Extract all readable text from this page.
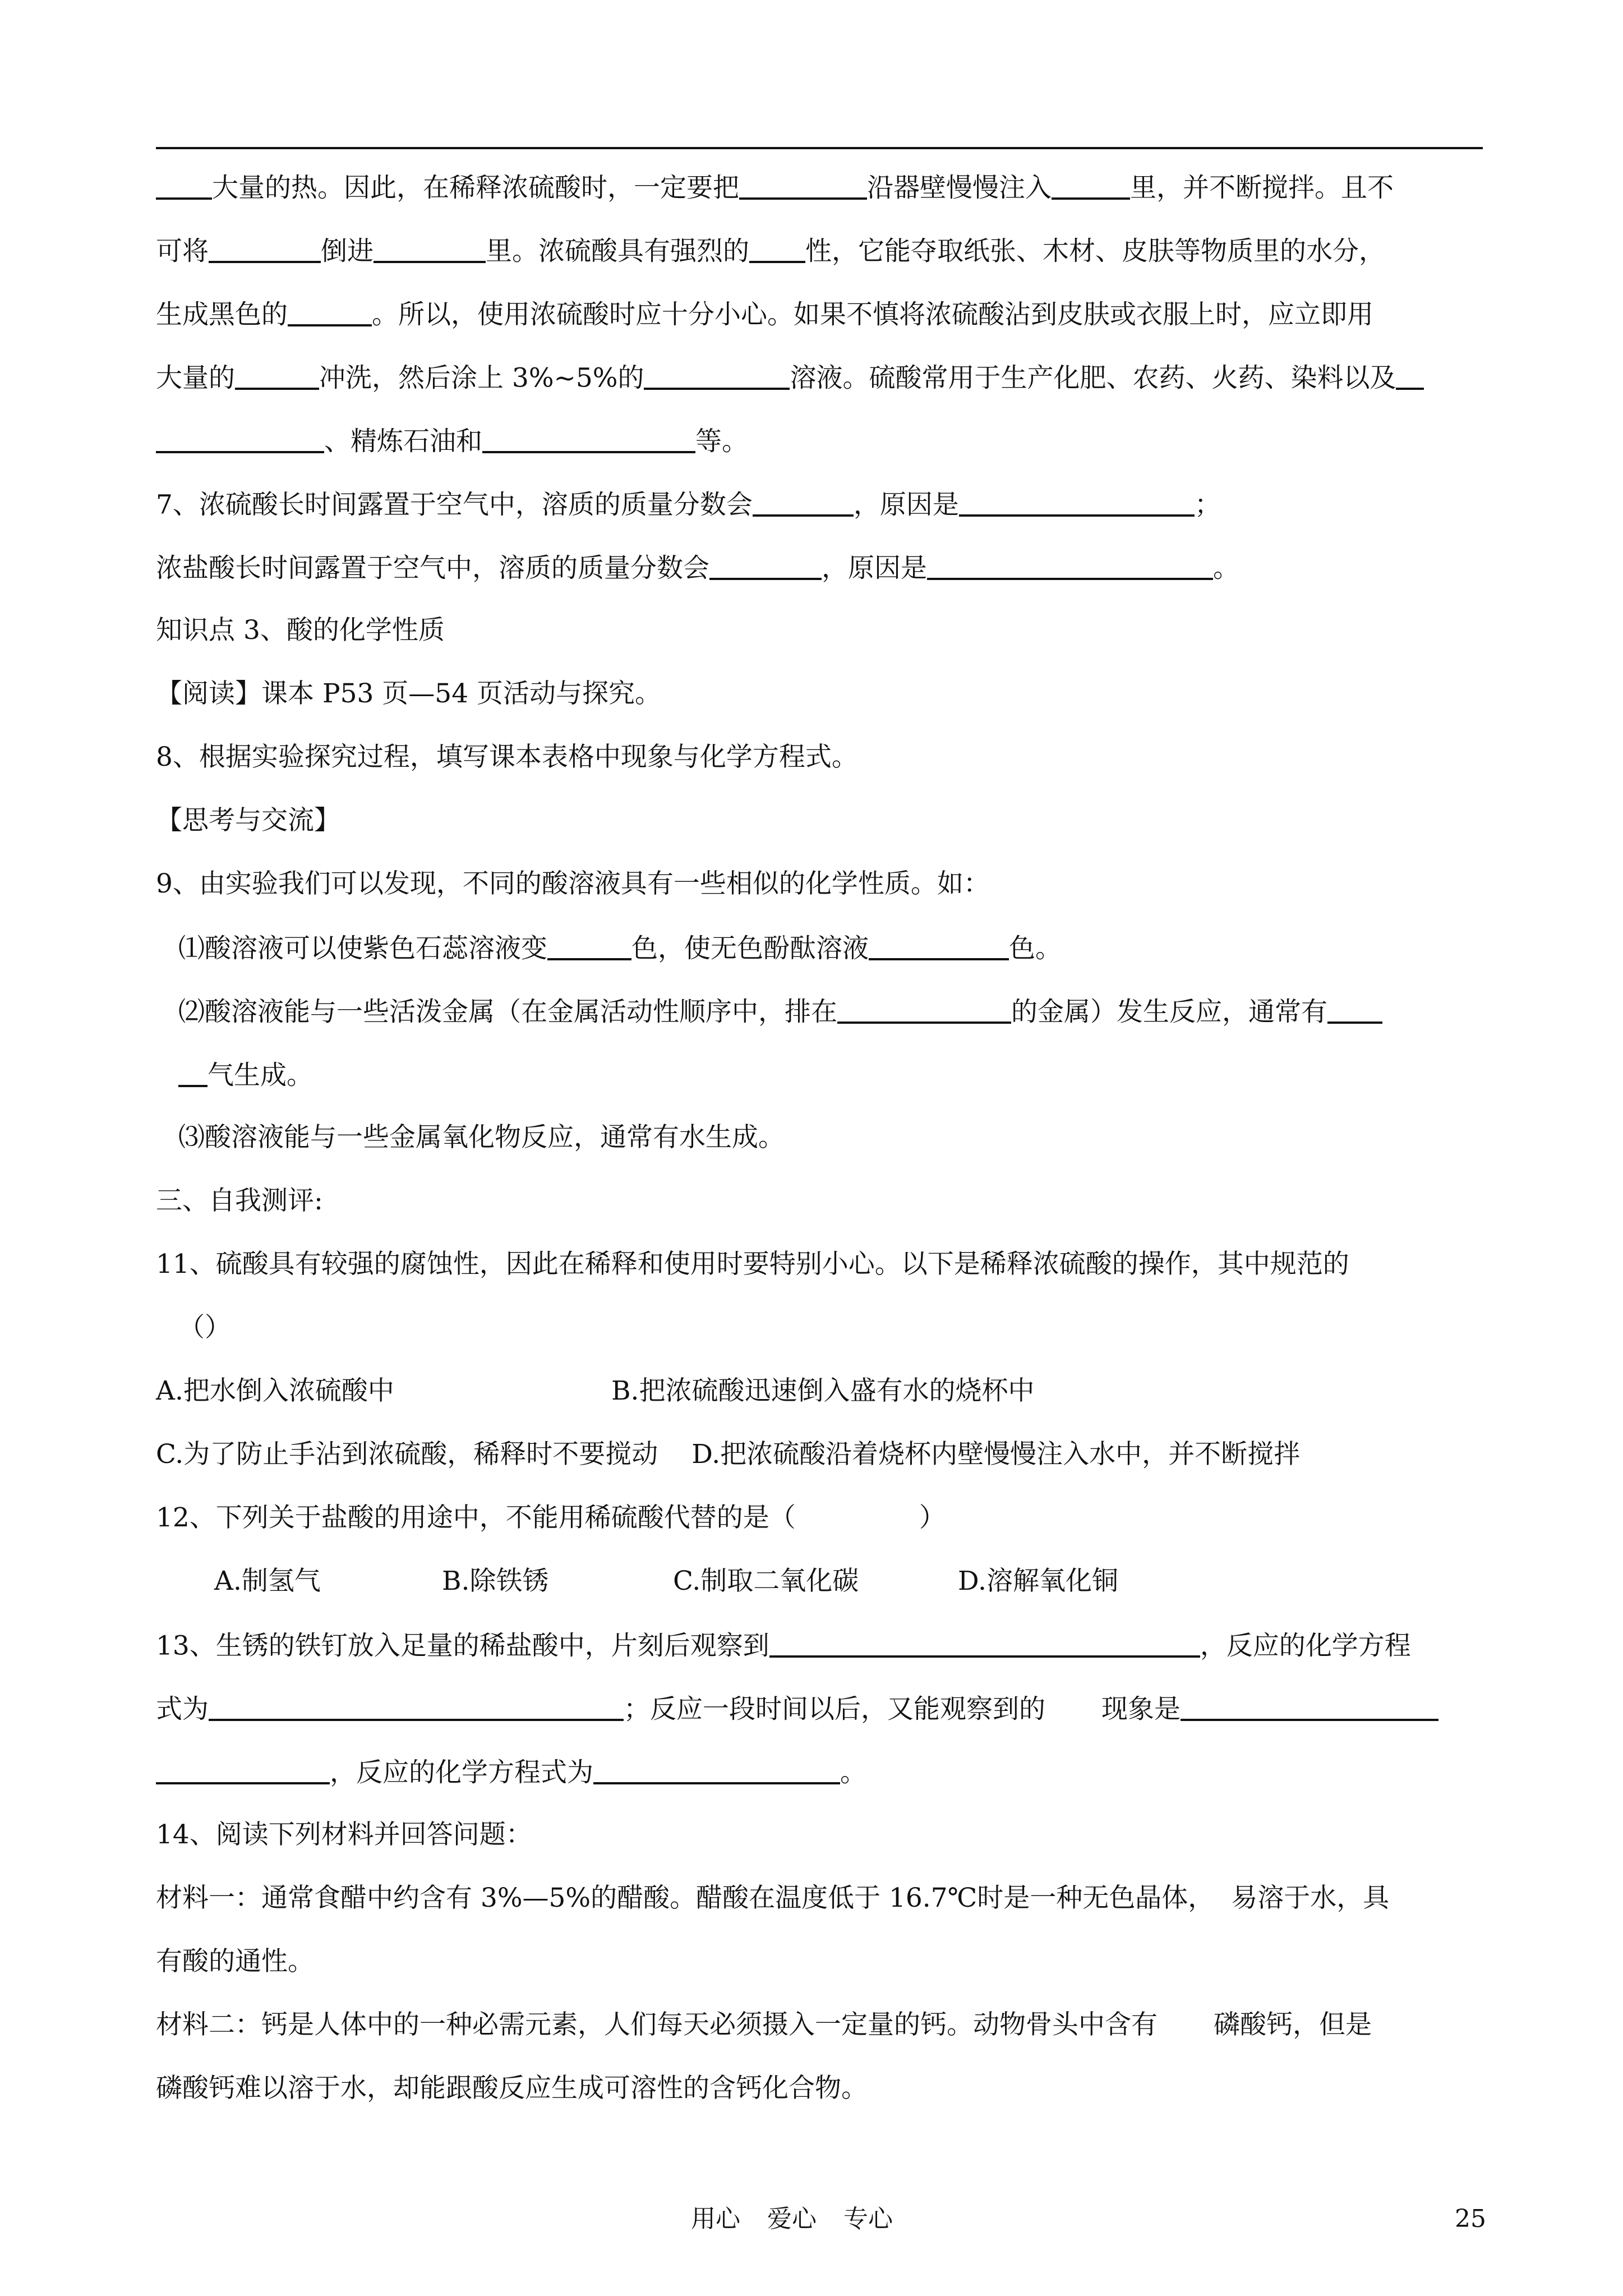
大量的热。因此，在稀释浓硫酸时，一定要把	沿器壁慢慢注入	里，并不断搅拌。且不
可将	倒进	里。浓硫酸具有强烈的 性，它能夺取纸张、木材、皮肤等物质里的水分，
生成黑色的	。所以，使用浓硫酸时应十分小心。如果不慎将浓硫酸沾到皮肤或衣服上时，应立即用
大量的	冲洗，然后涂上 3%~5%的	溶液。硫酸常用于生产化肥、农药、火药、染料以及
、精炼石油和	等。
7、浓硫酸长时间露置于空气中，溶质的质量分数会	，原因是	；
浓盐酸长时间露置于空气中，溶质的质量分数会	，原因是	。
知识点 3、酸的化学性质
【阅读】课本 P53 页—54 页活动与探究。
8、根据实验探究过程，填写课本表格中现象与化学方程式。
【思考与交流】
9、由实验我们可以发现，不同的酸溶液具有一些相似的化学性质。如：
⑴酸溶液可以使紫色石蕊溶液变	色，使无色酚酞溶液	色。
⑵酸溶液能与一些活泼金属（在金属活动性顺序中，排在	的金属）发生反应，通常有
气生成。
⑶酸溶液能与一些金属氧化物反应，通常有水生成。
三、自我测评:
11、硫酸具有较强的腐蚀性，因此在稀释和使用时要特别小心。以下是稀释浓硫酸的操作，其中规范的
（）
A.把水倒入浓硫酸中	B.把浓硫酸迅速倒入盛有水的烧杯中
C.为了防止手沾到浓硫酸，稀释时不要搅动 D.把浓硫酸沿着烧杯内壁慢慢注入水中，并不断搅拌
12、下列关于盐酸的用途中，不能用稀硫酸代替的是（	）
A.制氢气	B.除铁锈	C.制取二氧化碳	D.溶解氧化铜
13、生锈的铁钉放入足量的稀盐酸中，片刻后观察到	，反应的化学方程
式为	；反应一段时间以后，又能观察到的 现象是
，反应的化学方程式为	。
14、阅读下列材料并回答问题：
材料一：通常食醋中约含有 3%—5%的醋酸。醋酸在温度低于 16.7℃时是一种无色晶体， 易溶于水，具
有酸的通性。
材料二：钙是人体中的一种必需元素，人们每天必须摄入一定量的钙。动物骨头中含有 磷酸钙，但是
磷酸钙难以溶于水，却能跟酸反应生成可溶性的含钙化合物。
用心 爱心 专心	25
